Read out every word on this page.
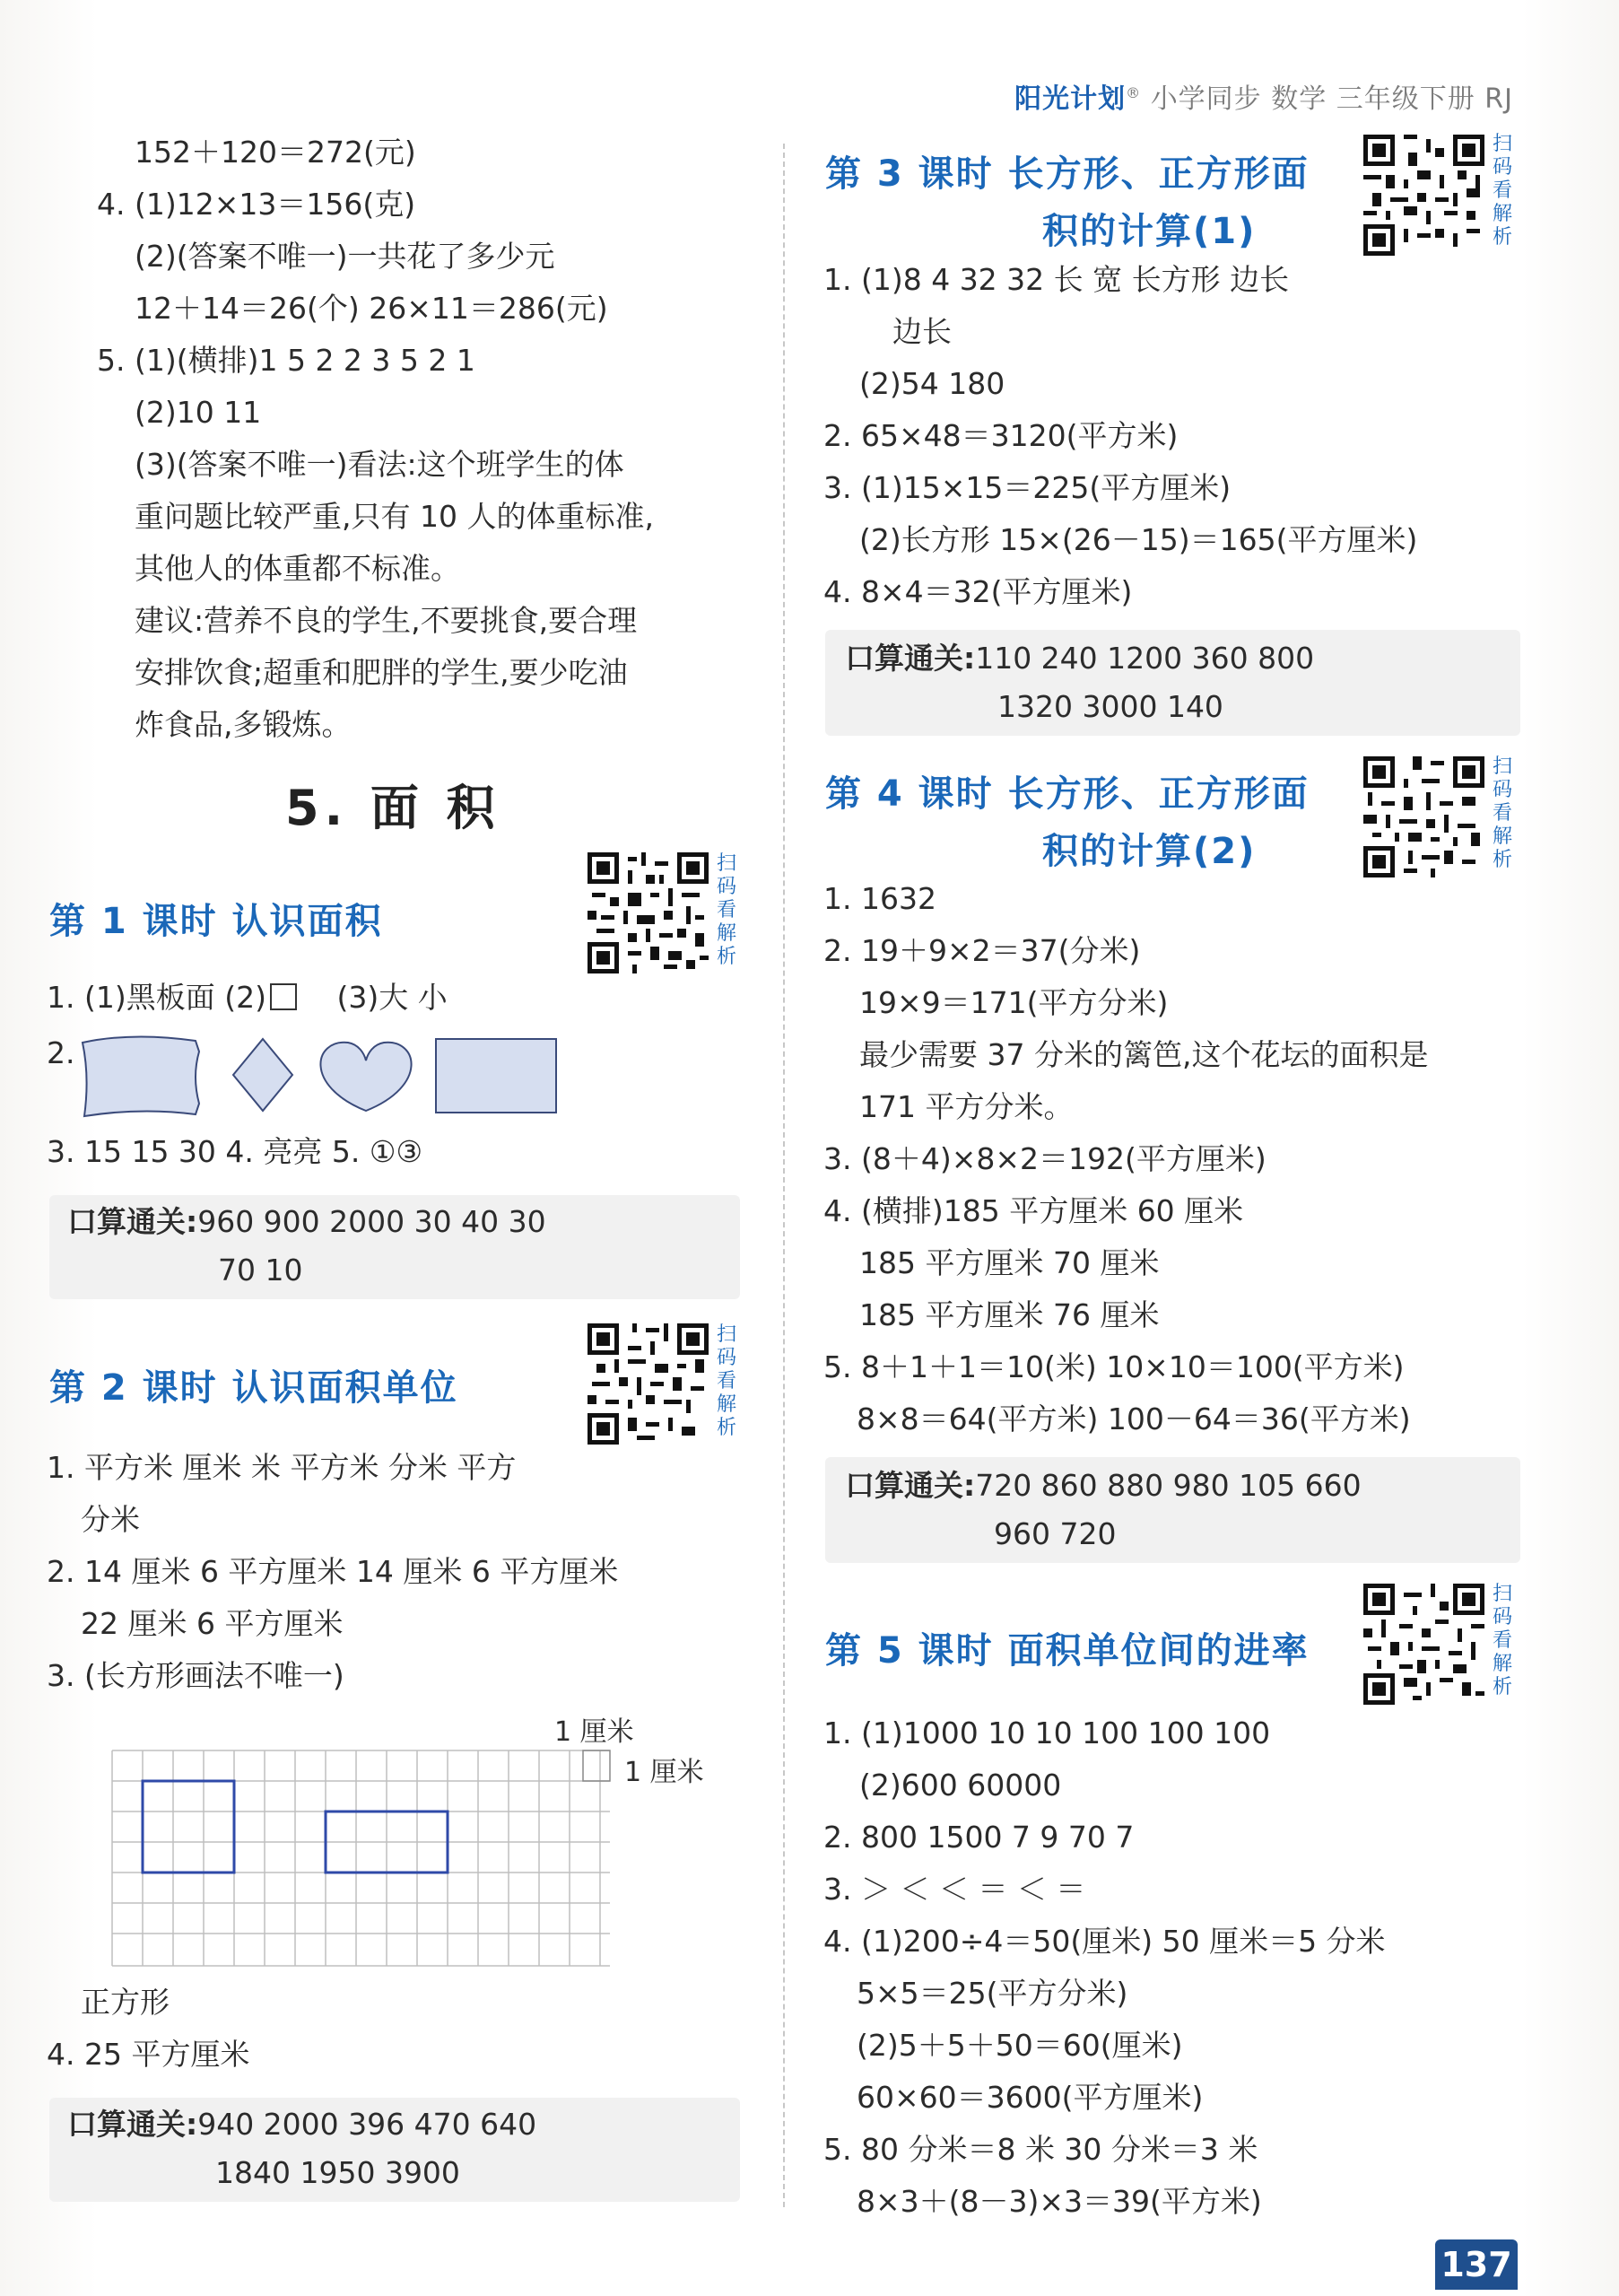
阳光计划® 小学同步 数学 三年级下册 RJ
152＋120＝272(元)
4. (1)12×13＝156(克)
(2)(答案不唯一)一共花了多少元
12＋14＝26(个) 26×11＝286(元)
5. (1)(横排)1 5 2 2 3 5 2 1
(2)10 11
(3)(答案不唯一)看法:这个班学生的体
重问题比较严重,只有 10 人的体重标准,
其他人的体重都不标准。
建议:营养不良的学生,不要挑食,要合理
安排饮食;超重和肥胖的学生,要少吃油
炸食品,多锻炼。
5. 面 积
第 1 课时 认识面积
扫
码
看
解
析
1. (1)黑板面 (2) (3)大 小
2.
3. 15 15 30 4. 亮亮 5. ①③
口算通关:960 900 2000 30 40 30
70 10
第 2 课时 认识面积单位
扫
码
看
解
析
1. 平方米 厘米 米 平方米 分米 平方
分米
2. 14 厘米 6 平方厘米 14 厘米 6 平方厘米
22 厘米 6 平方厘米
3. (长方形画法不唯一)
1 厘米
1 厘米
正方形
4. 25 平方厘米
口算通关:940 2000 396 470 640
1840 1950 3900
第 3 课时 长方形、正方形面
积的计算(1)
扫
码
看
解
析
1. (1)8 4 32 32 长 宽 长方形 边长
边长
(2)54 180
2. 65×48＝3120(平方米)
3. (1)15×15＝225(平方厘米)
(2)长方形 15×(26－15)＝165(平方厘米)
4. 8×4＝32(平方厘米)
口算通关:110 240 1200 360 800
1320 3000 140
第 4 课时 长方形、正方形面
积的计算(2)
扫
码
看
解
析
1. 1632
2. 19＋9×2＝37(分米)
19×9＝171(平方分米)
最少需要 37 分米的篱笆,这个花坛的面积是
171 平方分米。
3. (8＋4)×8×2＝192(平方厘米)
4. (横排)185 平方厘米 60 厘米
185 平方厘米 70 厘米
185 平方厘米 76 厘米
5. 8＋1＋1＝10(米) 10×10＝100(平方米)
8×8＝64(平方米) 100－64＝36(平方米)
口算通关:720 860 880 980 105 660
960 720
第 5 课时 面积单位间的进率
扫
码
看
解
析
1. (1)1000 10 10 100 100 100
(2)600 60000
2. 800 1500 7 9 70 7
3. ＞ ＜ ＜ ＝ ＜ ＝
4. (1)200÷4＝50(厘米) 50 厘米＝5 分米
5×5＝25(平方分米)
(2)5＋5＋50＝60(厘米)
60×60＝3600(平方厘米)
5. 80 分米＝8 米 30 分米＝3 米
8×3＋(8－3)×3＝39(平方米)
137
